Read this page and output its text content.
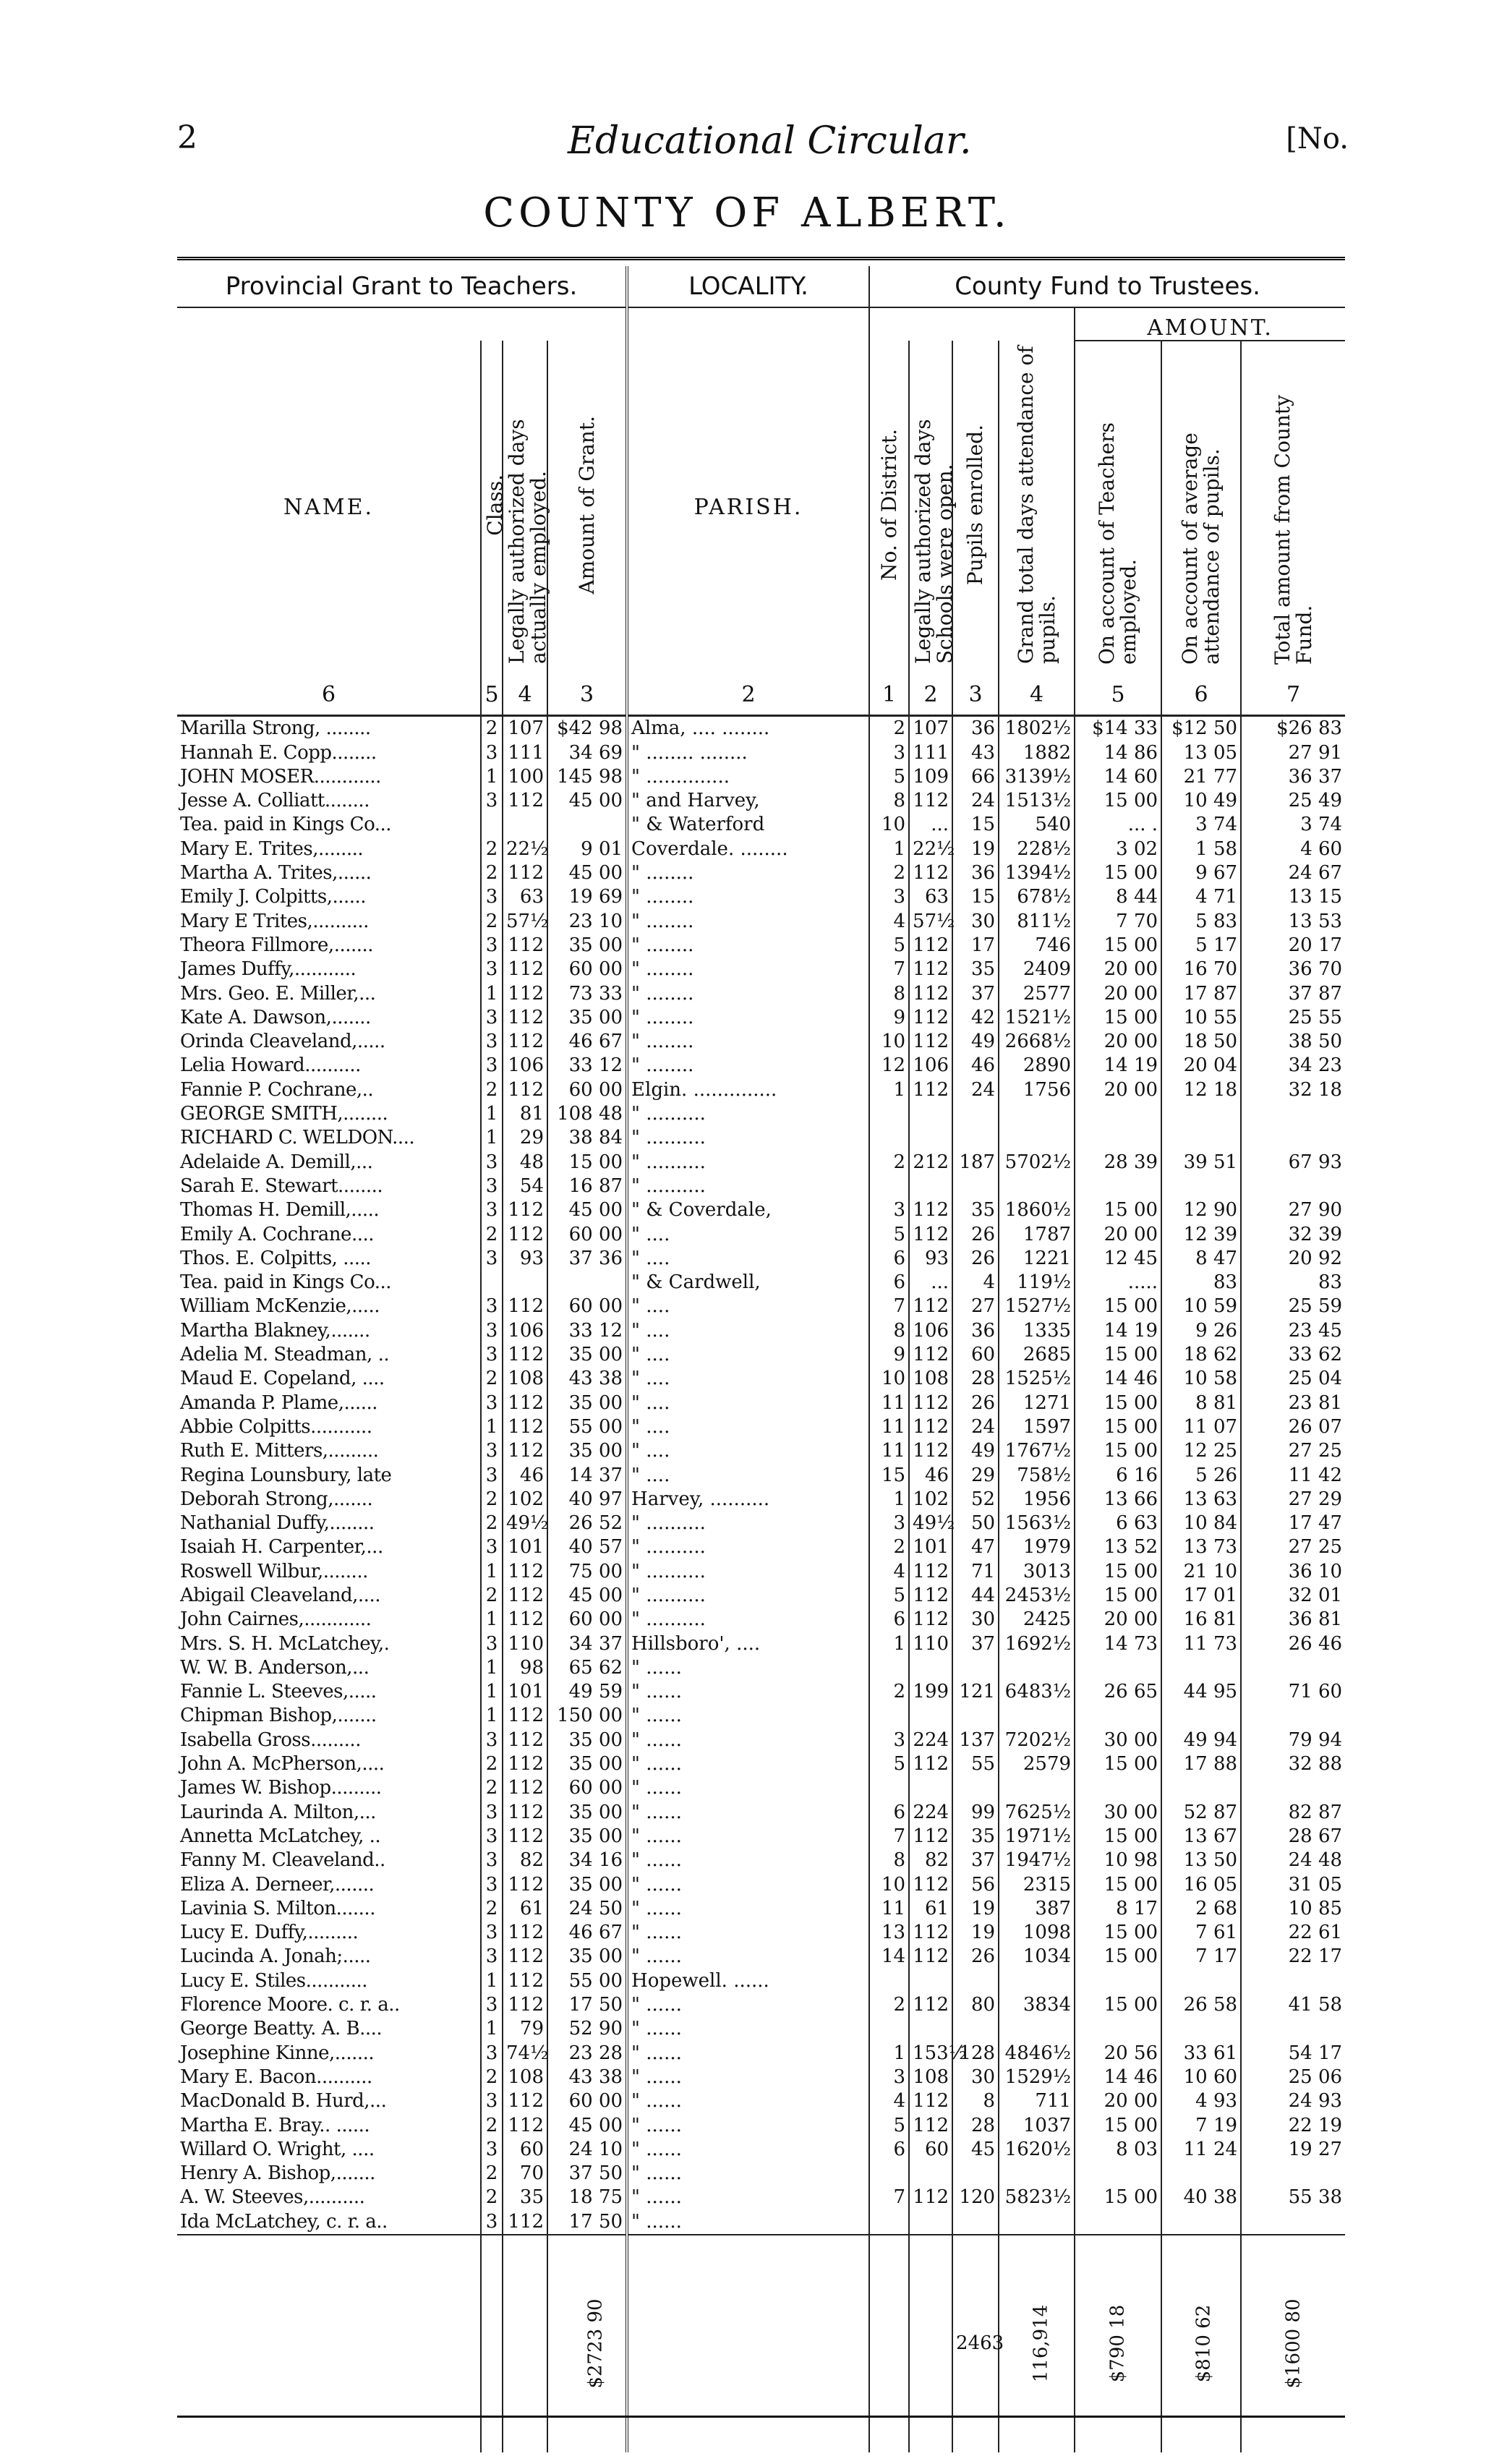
2	Educational Circular.	[No.
COUNTY OF ALBERT.
Provincial Grant to Teachers.				LOCALITY.	County Fund to Trustees.						
									AMOUNT.		
NAME.	Class.	Legally authorized days actually employed.	Amount of Grant.	PARISH.	No. of District.	Legally authorized days Schools were open.	Pupils enrolled.	Grand total days attendance of pupils.	On account of Teachers employed.	On account of average attendance of pupils.	Total amount from County Fund.
6	5	4	3	2	1	2	3	4	5	6	7
Marilla Strong, ........	2	107	$42 98	Alma, .... ........	2	107	36	1802½	$14 33	$12 50	$26 83
Hannah E. Copp........	3	111	34 69	" ........ ........	3	111	43	1882	14 86	13 05	27 91
JOHN MOSER............	1	100	145 98	" ..............	5	109	66	3139½	14 60	21 77	36 37
Jesse A. Colliatt........	3	112	45 00	" and Harvey,	8	112	24	1513½	15 00	10 49	25 49
Tea. paid in Kings Co...				" & Waterford	10	...	15	540	... .	3 74	3 74
Mary E. Trites,........	2	22½	9 01	Coverdale. ........	1	22½	19	228½	3 02	1 58	4 60
Martha A. Trites,......	2	112	45 00	" ........	2	112	36	1394½	15 00	9 67	24 67
Emily J. Colpitts,......	3	63	19 69	" ........	3	63	15	678½	8 44	4 71	13 15
Mary E Trites,..........	2	57½	23 10	" ........	4	57½	30	811½	7 70	5 83	13 53
Theora Fillmore,.......	3	112	35 00	" ........	5	112	17	746	15 00	5 17	20 17
James Duffy,...........	3	112	60 00	" ........	7	112	35	2409	20 00	16 70	36 70
Mrs. Geo. E. Miller,...	1	112	73 33	" ........	8	112	37	2577	20 00	17 87	37 87
Kate A. Dawson,.......	3	112	35 00	" ........	9	112	42	1521½	15 00	10 55	25 55
Orinda Cleaveland,.....	3	112	46 67	" ........	10	112	49	2668½	20 00	18 50	38 50
Lelia Howard..........	3	106	33 12	" ........	12	106	46	2890	14 19	20 04	34 23
Fannie P. Cochrane,..	2	112	60 00	Elgin. ..............	1	112	24	1756	20 00	12 18	32 18
GEORGE SMITH,........	1	81	108 48	" ..........							
RICHARD C. WELDON....	1	29	38 84	" ..........							
Adelaide A. Demill,...	3	48	15 00	" ..........	2	212	187	5702½	28 39	39 51	67 93
Sarah E. Stewart........	3	54	16 87	" ..........							
Thomas H. Demill,.....	3	112	45 00	" & Coverdale,	3	112	35	1860½	15 00	12 90	27 90
Emily A. Cochrane....	2	112	60 00	" ....	5	112	26	1787	20 00	12 39	32 39
Thos. E. Colpitts, .....	3	93	37 36	" ....	6	93	26	1221	12 45	8 47	20 92
Tea. paid in Kings Co...				" & Cardwell,	6	...	4	119½	.....	83	83
William McKenzie,.....	3	112	60 00	" ....	7	112	27	1527½	15 00	10 59	25 59
Martha Blakney,.......	3	106	33 12	" ....	8	106	36	1335	14 19	9 26	23 45
Adelia M. Steadman, ..	3	112	35 00	" ....	9	112	60	2685	15 00	18 62	33 62
Maud E. Copeland, ....	2	108	43 38	" ....	10	108	28	1525½	14 46	10 58	25 04
Amanda P. Plame,......	3	112	35 00	" ....	11	112	26	1271	15 00	8 81	23 81
Abbie Colpitts...........	1	112	55 00	" ....	11	112	24	1597	15 00	11 07	26 07
Ruth E. Mitters,.........	3	112	35 00	" ....	11	112	49	1767½	15 00	12 25	27 25
Regina Lounsbury, late	3	46	14 37	" ....	15	46	29	758½	6 16	5 26	11 42
Deborah Strong,.......	2	102	40 97	Harvey, ..........	1	102	52	1956	13 66	13 63	27 29
Nathanial Duffy,........	2	49½	26 52	" ..........	3	49½	50	1563½	6 63	10 84	17 47
Isaiah H. Carpenter,...	3	101	40 57	" ..........	2	101	47	1979	13 52	13 73	27 25
Roswell Wilbur,........	1	112	75 00	" ..........	4	112	71	3013	15 00	21 10	36 10
Abigail Cleaveland,....	2	112	45 00	" ..........	5	112	44	2453½	15 00	17 01	32 01
John Cairnes,............	1	112	60 00	" ..........	6	112	30	2425	20 00	16 81	36 81
Mrs. S. H. McLatchey,.	3	110	34 37	Hillsboro', ....	1	110	37	1692½	14 73	11 73	26 46
W. W. B. Anderson,...	1	98	65 62	" ......							
Fannie L. Steeves,.....	1	101	49 59	" ......	2	199	121	6483½	26 65	44 95	71 60
Chipman Bishop,.......	1	112	150 00	" ......							
Isabella Gross.........	3	112	35 00	" ......	3	224	137	7202½	30 00	49 94	79 94
John A. McPherson,....	2	112	35 00	" ......	5	112	55	2579	15 00	17 88	32 88
James W. Bishop.........	2	112	60 00	" ......							
Laurinda A. Milton,...	3	112	35 00	" ......	6	224	99	7625½	30 00	52 87	82 87
Annetta McLatchey, ..	3	112	35 00	" ......	7	112	35	1971½	15 00	13 67	28 67
Fanny M. Cleaveland..	3	82	34 16	" ......	8	82	37	1947½	10 98	13 50	24 48
Eliza A. Derneer,.......	3	112	35 00	" ......	10	112	56	2315	15 00	16 05	31 05
Lavinia S. Milton.......	2	61	24 50	" ......	11	61	19	387	8 17	2 68	10 85
Lucy E. Duffy,.........	3	112	46 67	" ......	13	112	19	1098	15 00	7 61	22 61
Lucinda A. Jonah;.....	3	112	35 00	" ......	14	112	26	1034	15 00	7 17	22 17
Lucy E. Stiles...........	1	112	55 00	Hopewell. ......							
Florence Moore. c. r. a..	3	112	17 50	" ......	2	112	80	3834	15 00	26 58	41 58
George Beatty. A. B....	1	79	52 90	" ......							
Josephine Kinne,.......	3	74½	23 28	" ......	1	153½	128	4846½	20 56	33 61	54 17
Mary E. Bacon..........	2	108	43 38	" ......	3	108	30	1529½	14 46	10 60	25 06
MacDonald B. Hurd,...	3	112	60 00	" ......	4	112	8	711	20 00	4 93	24 93
Martha E. Bray.. ......	2	112	45 00	" ......	5	112	28	1037	15 00	7 19	22 19
Willard O. Wright, ....	3	60	24 10	" ......	6	60	45	1620½	8 03	11 24	19 27
Henry A. Bishop,.......	2	70	37 50	" ......							
A. W. Steeves,..........	2	35	18 75	" ......	7	112	120	5823½	15 00	40 38	55 38
Ida McLatchey, c. r. a..	3	112	17 50	" ......							
			$2723 90				2463	116,914	$790 18	$810 62	$1600 80
